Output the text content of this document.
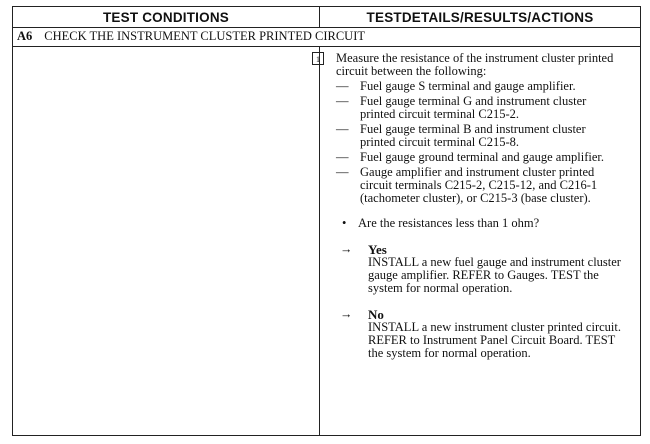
TEST CONDITIONS	TESTDETAILS/RESULTS/ACTIONS
A6 CHECK THE INSTRUMENT CLUSTER PRINTED CIRCUIT
1	Measure the resistance of the instrument cluster printed circuit between the following:
— Fuel gauge S terminal and gauge amplifier.
— Fuel gauge terminal G and instrument cluster printed circuit terminal C215-2.
— Fuel gauge terminal B and instrument cluster printed circuit terminal C215-8.
— Fuel gauge ground terminal and gauge amplifier.
— Gauge amplifier and instrument cluster printed circuit terminals C215-2, C215-12, and C216-1 (tachometer cluster), or C215-3 (base cluster).
• Are the resistances less than 1 ohm?
→	Yes
INSTALL a new fuel gauge and instrument cluster gauge amplifier. REFER to Gauges. TEST the system for normal operation.
→	No
INSTALL a new instrument cluster printed circuit. REFER to Instrument Panel Circuit Board. TEST the system for normal operation.
